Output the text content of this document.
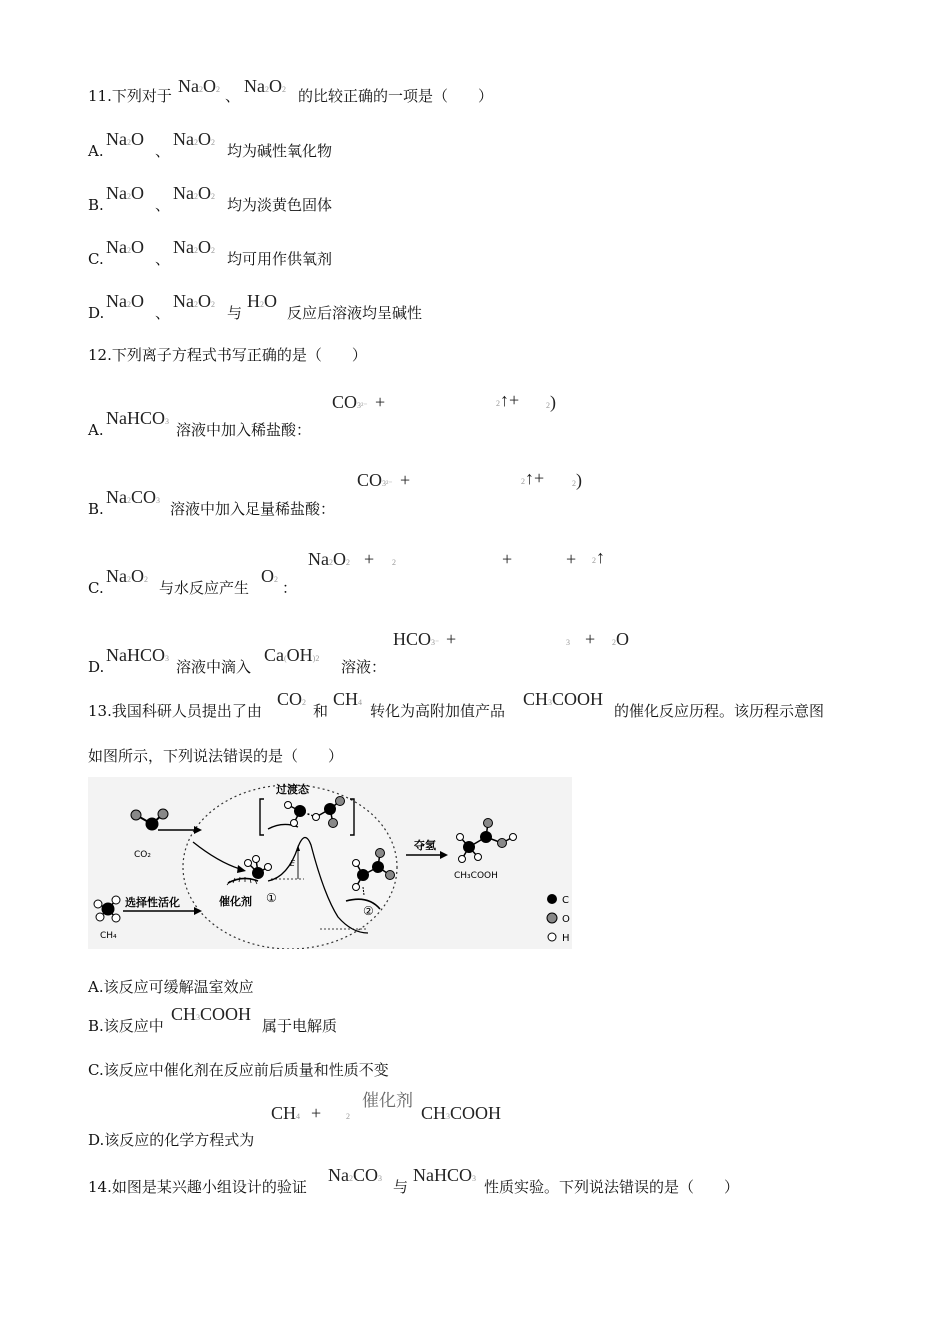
11.下列对于 Na2O2 、 Na2O2 的比较正确的一项是（　　）
A.
Na2O
、
Na2O2 均为碱性氧化物
B.
Na2O
、
Na2O2 均为淡黄色固体
C.
Na2O
、
Na2O2 均可用作供氧剂
D.
Na2O
、
Na2O2 与
H2O
反应后溶液均呈碱性
12.下列离子方程式书写正确的是（　　）
CO3²⁻ +	2↑+	2)
A.
NaHCO3 溶液中加入稀盐酸：
CO3²⁻ +	2↑+	2)
B.
Na2CO3 溶液中加入足量稀盐酸：
Na2O2 + 2	+	+ 2↑
C.
Na2O2 与水反应产生
O2 ：
HCO3⁻ +	3 + 2O
D.
NaHCO3 溶液中滴入
Ca(OH)2 溶液：
13.我国科研人员提出了由
CO2 和
CH4 转化为高附加值产品
CH3COOH
的催化反应历程。该历程示意图
如图所示，下列说法错误的是（　　）
CO₂
CH₄
选择性活化	催化剂 ①
E
过渡态
②
夺氢
CH₃COOH
C
O
H
A.该反应可缓解温室效应
B.该反应中
CH3COOH
属于电解质
C.该反应中催化剂在反应前后质量和性质不变
CH4 +	2
催化剂
CH3COOH
D.该反应的化学方程式为
14.如图是某兴趣小组设计的验证
Na2CO3 与
NaHCO3 性质实验。下列说法错误的是（　　）
